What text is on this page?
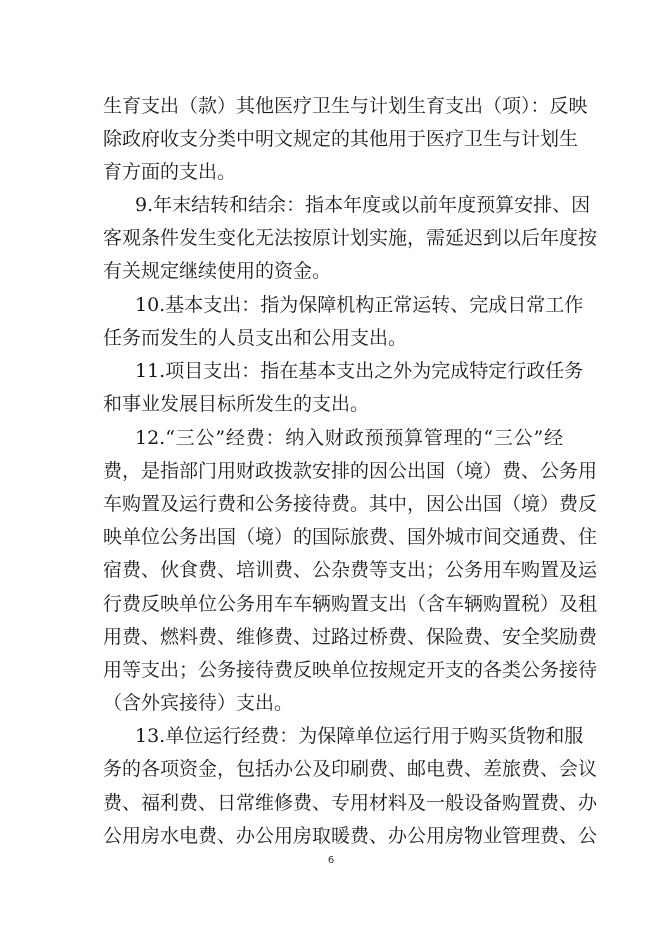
生育支出（款）其他医疗卫生与计划生育支出（项）：反映
除政府收支分类中明文规定的其他用于医疗卫生与计划生
育方面的支出。
9.年末结转和结余：指本年度或以前年度预算安排、因
客观条件发生变化无法按原计划实施，需延迟到以后年度按
有关规定继续使用的资金。
10.基本支出：指为保障机构正常运转、完成日常工作
任务而发生的人员支出和公用支出。
11.项目支出：指在基本支出之外为完成特定行政任务
和事业发展目标所发生的支出。
12.“三公”经费：纳入财政预预算管理的“三公”经
费，是指部门用财政拨款安排的因公出国（境）费、公务用
车购置及运行费和公务接待费。其中，因公出国（境）费反
映单位公务出国（境）的国际旅费、国外城市间交通费、住
宿费、伙食费、培训费、公杂费等支出；公务用车购置及运
行费反映单位公务用车车辆购置支出（含车辆购置税）及租
用费、燃料费、维修费、过路过桥费、保险费、安全奖励费
用等支出；公务接待费反映单位按规定开支的各类公务接待
（含外宾接待）支出。
13.单位运行经费：为保障单位运行用于购买货物和服
务的各项资金，包括办公及印刷费、邮电费、差旅费、会议
费、福利费、日常维修费、专用材料及一般设备购置费、办
公用房水电费、办公用房取暖费、办公用房物业管理费、公
6
